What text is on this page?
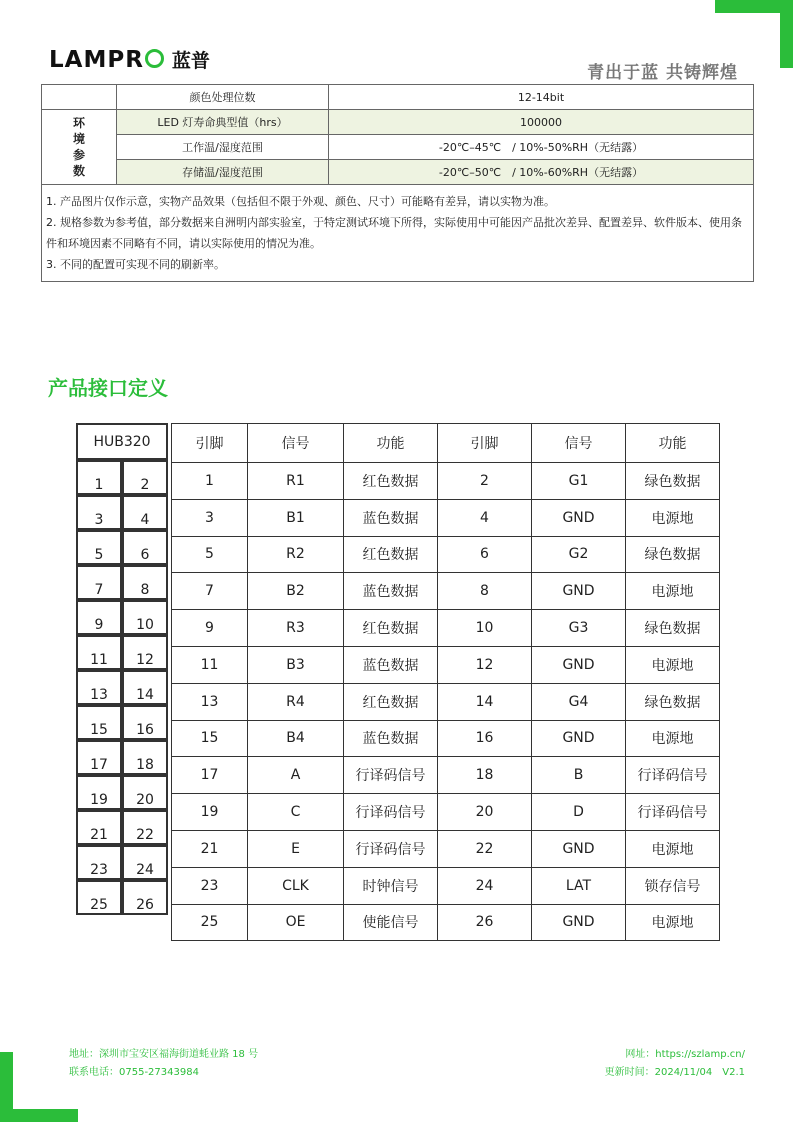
LAMPR 蓝普
青出于蓝 共铸辉煌
	颜色处理位数	12-14bit
环境参数	LED 灯寿命典型值（hrs）	100000
	工作温/湿度范围	-20℃–45℃　/ 10%-50%RH（无结露）
	存储温/湿度范围	-20℃–50℃　/ 10%-60%RH（无结露）

1. 产品图片仅作示意，实物产品效果（包括但不限于外观、颜色、尺寸）可能略有差异，请以实物为准。
2. 规格参数为参考值，部分数据来自洲明内部实验室，于特定测试环境下所得，实际使用中可能因产品批次差异、配置差异、软件版本、使用条件和环境因素不同略有不同，请以实际使用的情况为准。
3. 不同的配置可实现不同的刷新率。		
产品接口定义
HUB320	
1	2
3	4
5	6
7	8
9	10
11	12
13	14
15	16
17	18
19	20
21	22
23	24
25	26
引脚	信号	功能	引脚	信号	功能
1	R1	红色数据	2	G1	绿色数据
3	B1	蓝色数据	4	GND	电源地
5	R2	红色数据	6	G2	绿色数据
7	B2	蓝色数据	8	GND	电源地
9	R3	红色数据	10	G3	绿色数据
11	B3	蓝色数据	12	GND	电源地
13	R4	红色数据	14	G4	绿色数据
15	B4	蓝色数据	16	GND	电源地
17	A	行译码信号	18	B	行译码信号
19	C	行译码信号	20	D	行译码信号
21	E	行译码信号	22	GND	电源地
23	CLK	时钟信号	24	LAT	锁存信号
25	OE	使能信号	26	GND	电源地
地址：深圳市宝安区福海街道蚝业路 18 号
联系电话：0755-27343984
网址：https://szlamp.cn/
更新时间：2024/11/04　V2.1
